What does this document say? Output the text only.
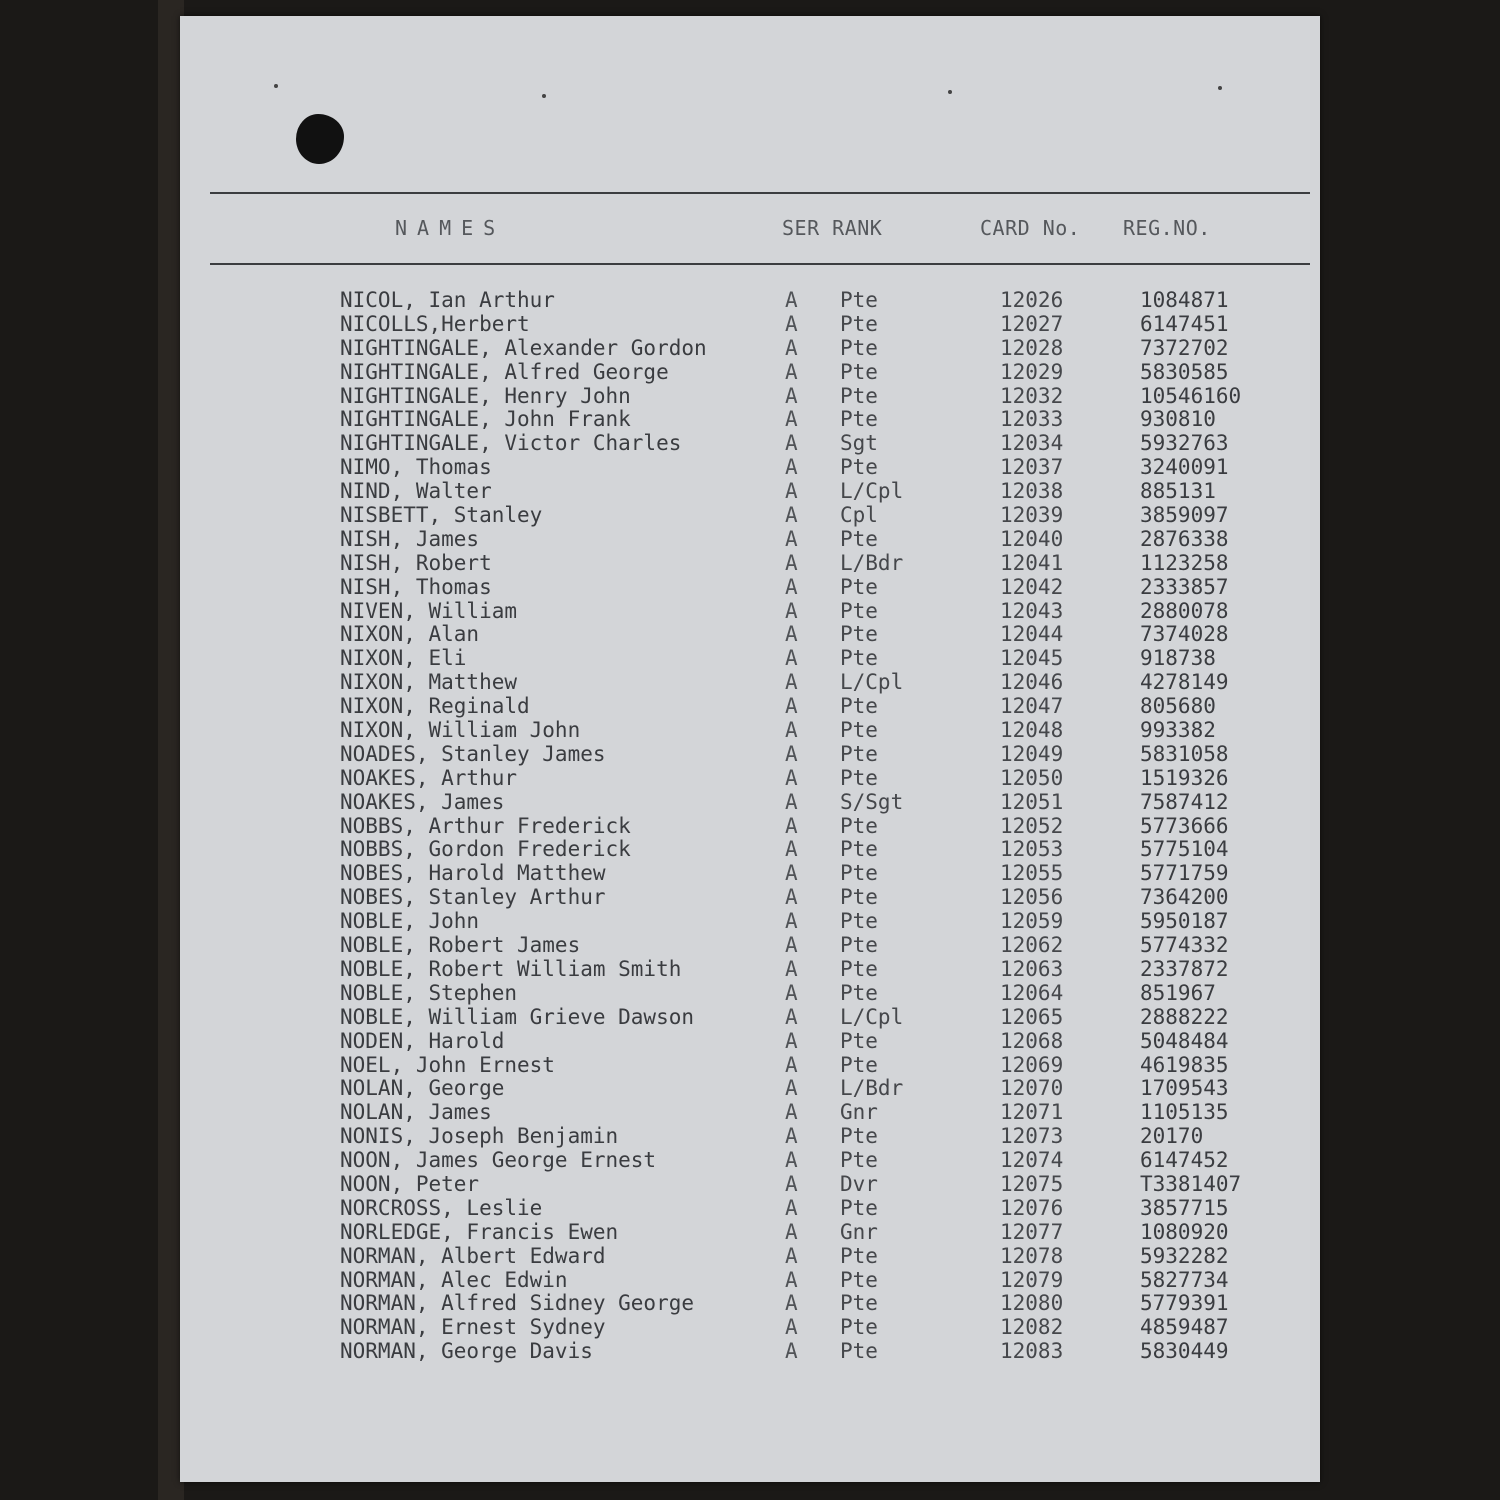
NAMES	SER RANK	CARD No. REG.NO.
NICOL, Ian Arthur	A Pte	12026	1084871
NICOLLS,Herbert	A Pte	12027	6147451
NIGHTINGALE, Alexander Gordon	A Pte	12028	7372702
NIGHTINGALE, Alfred George	A Pte	12029	5830585
NIGHTINGALE, Henry John	A Pte	12032	10546160
NIGHTINGALE, John Frank	A Pte	12033	930810
NIGHTINGALE, Victor Charles	A Sgt	12034	5932763
NIMO, Thomas	A Pte	12037	3240091
NIND, Walter	A L/Cpl	12038	885131
NISBETT, Stanley	A Cpl	12039	3859097
NISH, James	A Pte	12040	2876338
NISH, Robert	A L/Bdr	12041	1123258
NISH, Thomas	A Pte	12042	2333857
NIVEN, William	A Pte	12043	2880078
NIXON, Alan	A Pte	12044	7374028
NIXON, Eli	A Pte	12045	918738
NIXON, Matthew	A L/Cpl	12046	4278149
NIXON, Reginald	A Pte	12047	805680
NIXON, William John	A Pte	12048	993382
NOADES, Stanley James	A Pte	12049	5831058
NOAKES, Arthur	A Pte	12050	1519326
NOAKES, James	A S/Sgt	12051	7587412
NOBBS, Arthur Frederick	A Pte	12052	5773666
NOBBS, Gordon Frederick	A Pte	12053	5775104
NOBES, Harold Matthew	A Pte	12055	5771759
NOBES, Stanley Arthur	A Pte	12056	7364200
NOBLE, John	A Pte	12059	5950187
NOBLE, Robert James	A Pte	12062	5774332
NOBLE, Robert William Smith	A Pte	12063	2337872
NOBLE, Stephen	A Pte	12064	851967
NOBLE, William Grieve Dawson	A L/Cpl	12065	2888222
NODEN, Harold	A Pte	12068	5048484
NOEL, John Ernest	A Pte	12069	4619835
NOLAN, George	A L/Bdr	12070	1709543
NOLAN, James	A Gnr	12071	1105135
NONIS, Joseph Benjamin	A Pte	12073	20170
NOON, James George Ernest	A Pte	12074	6147452
NOON, Peter	A Dvr	12075	T3381407
NORCROSS, Leslie	A Pte	12076	3857715
NORLEDGE, Francis Ewen	A Gnr	12077	1080920
NORMAN, Albert Edward	A Pte	12078	5932282
NORMAN, Alec Edwin	A Pte	12079	5827734
NORMAN, Alfred Sidney George	A Pte	12080	5779391
NORMAN, Ernest Sydney	A Pte	12082	4859487
NORMAN, George Davis	A Pte	12083	5830449
